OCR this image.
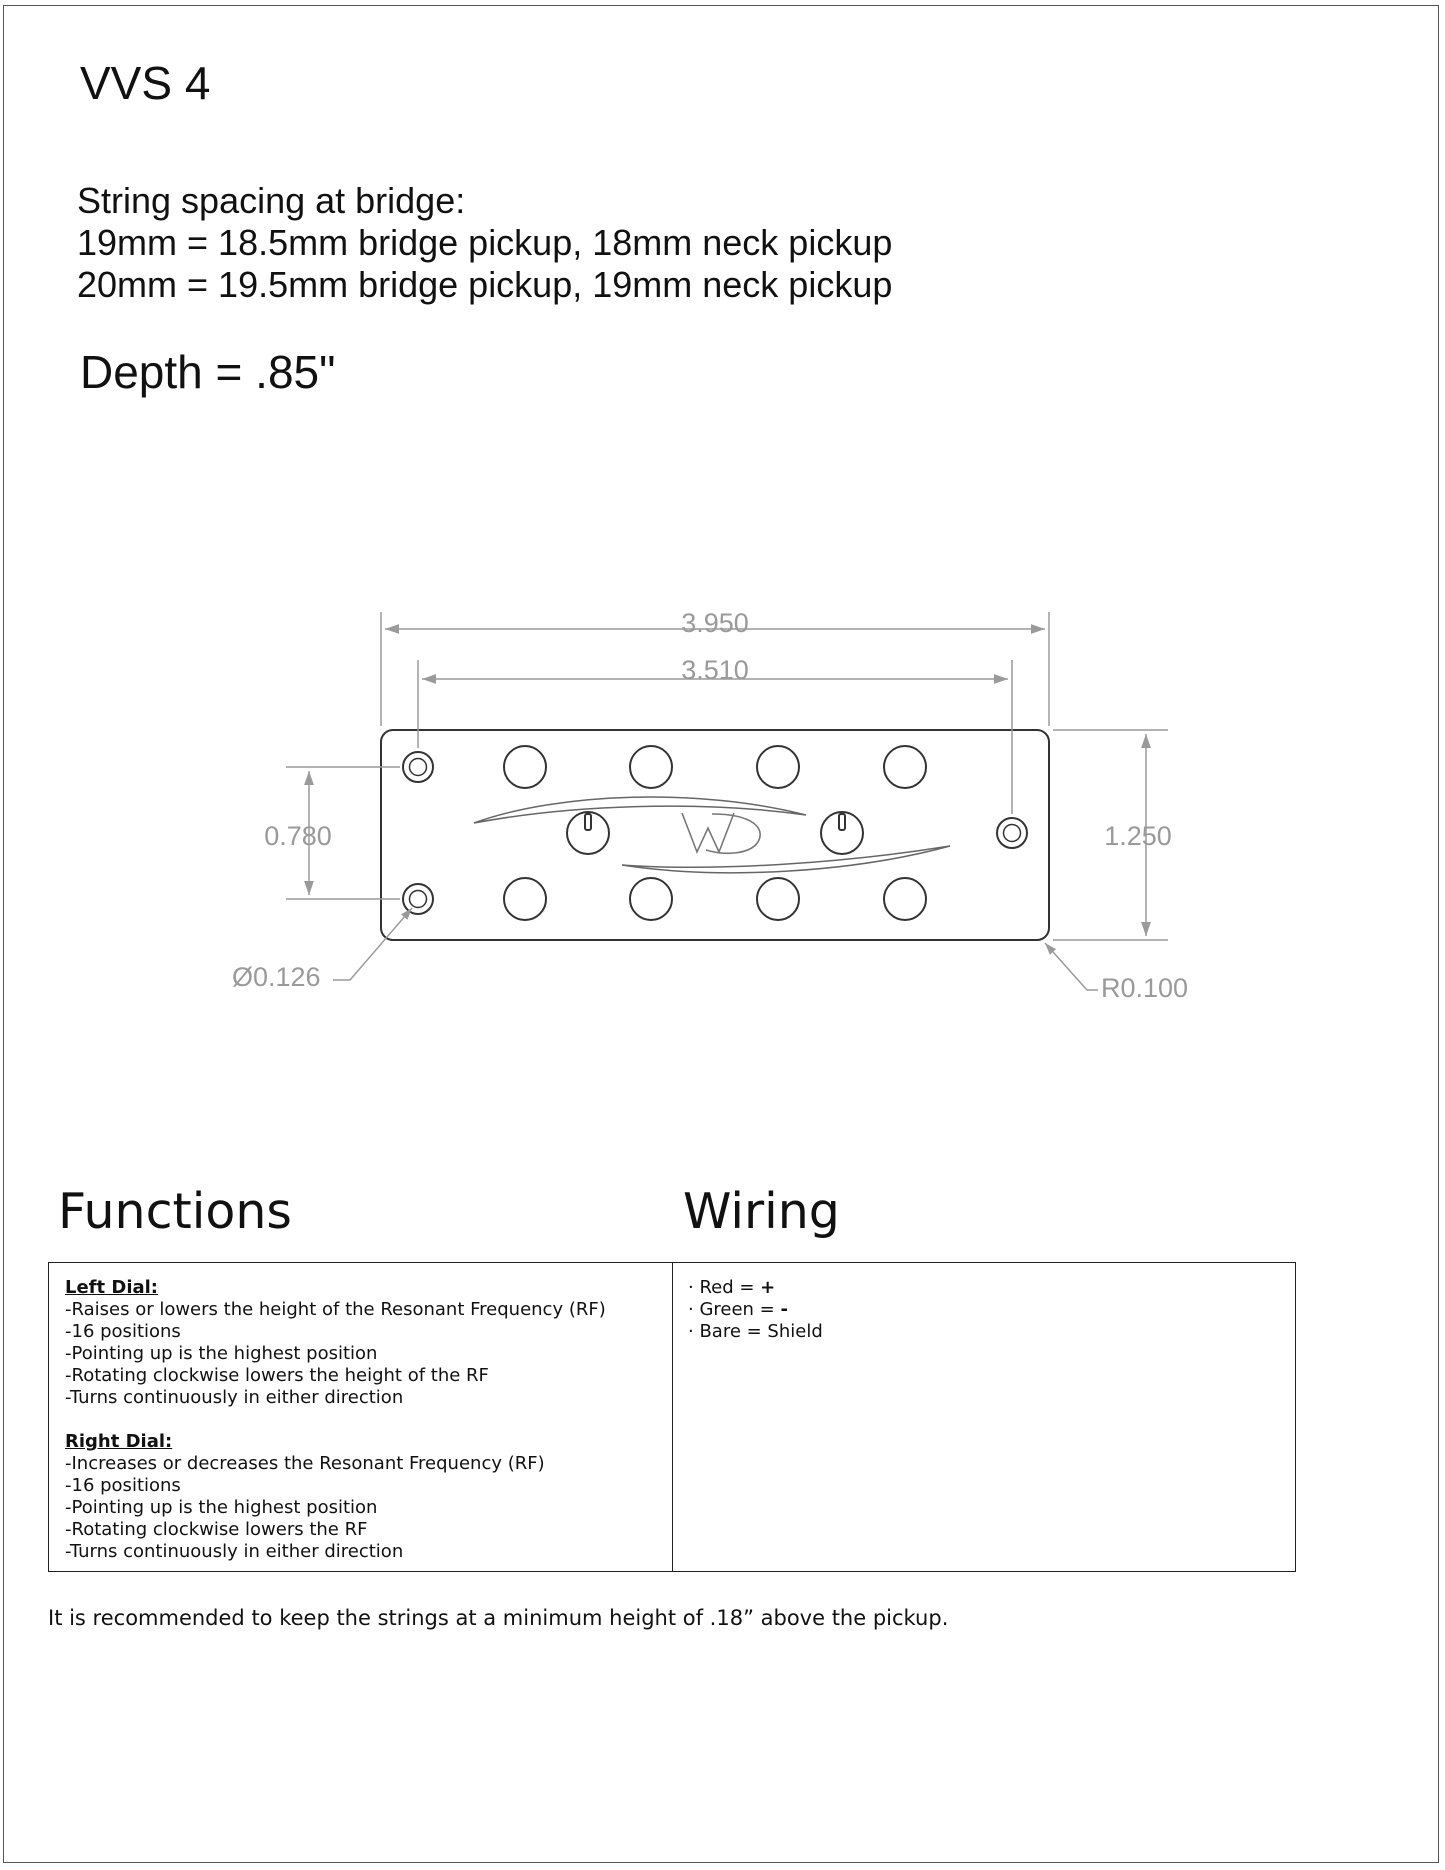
VVS 4
String spacing at bridge:
19mm = 18.5mm bridge pickup, 18mm neck pickup
20mm = 19.5mm bridge pickup, 19mm neck pickup
Depth = .85"
3.950
3.510
0.780	1.250
Ø0.126	R0.100
Functions	Wiring
Left Dial:
-Raises or lowers the height of the Resonant Frequency (RF)
-16 positions
-Pointing up is the highest position
-Rotating clockwise lowers the height of the RF
-Turns continuously in either direction
Right Dial:
-Increases or decreases the Resonant Frequency (RF)
-16 positions
-Pointing up is the highest position
-Rotating clockwise lowers the RF
-Turns continuously in either direction
· Red = +
· Green = -
· Bare = Shield
It is recommended to keep the strings at a minimum height of .18” above the pickup.
